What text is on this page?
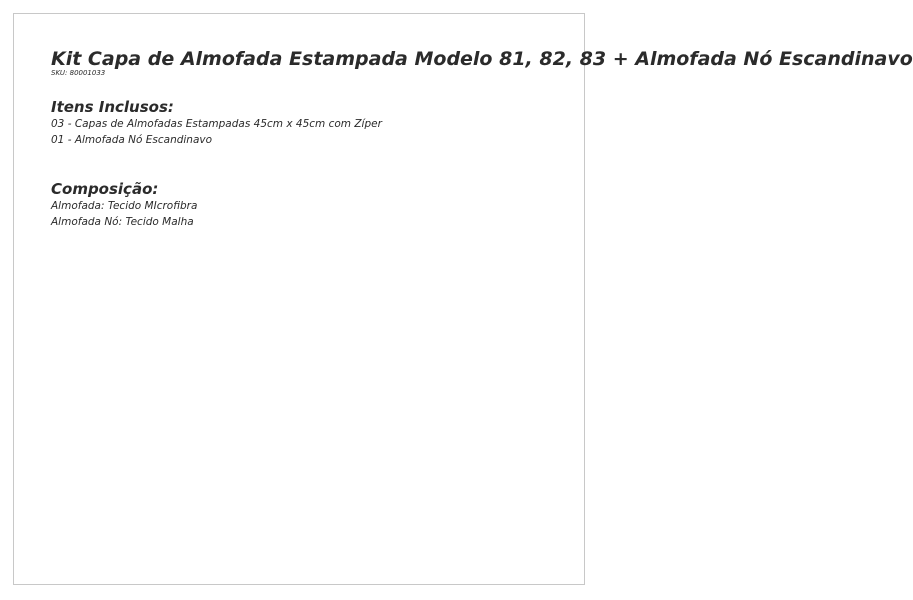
Kit Capa de Almofada Estampada Modelo 81, 82, 83 + Almofada Nó Escandinavo
SKU: 80001033
Itens Inclusos:
03 - Capas de Almofadas Estampadas 45cm x 45cm com Zíper
01 - Almofada Nó Escandinavo
Composição:
Almofada: Tecido MIcrofibra
Almofada Nó: Tecido Malha
